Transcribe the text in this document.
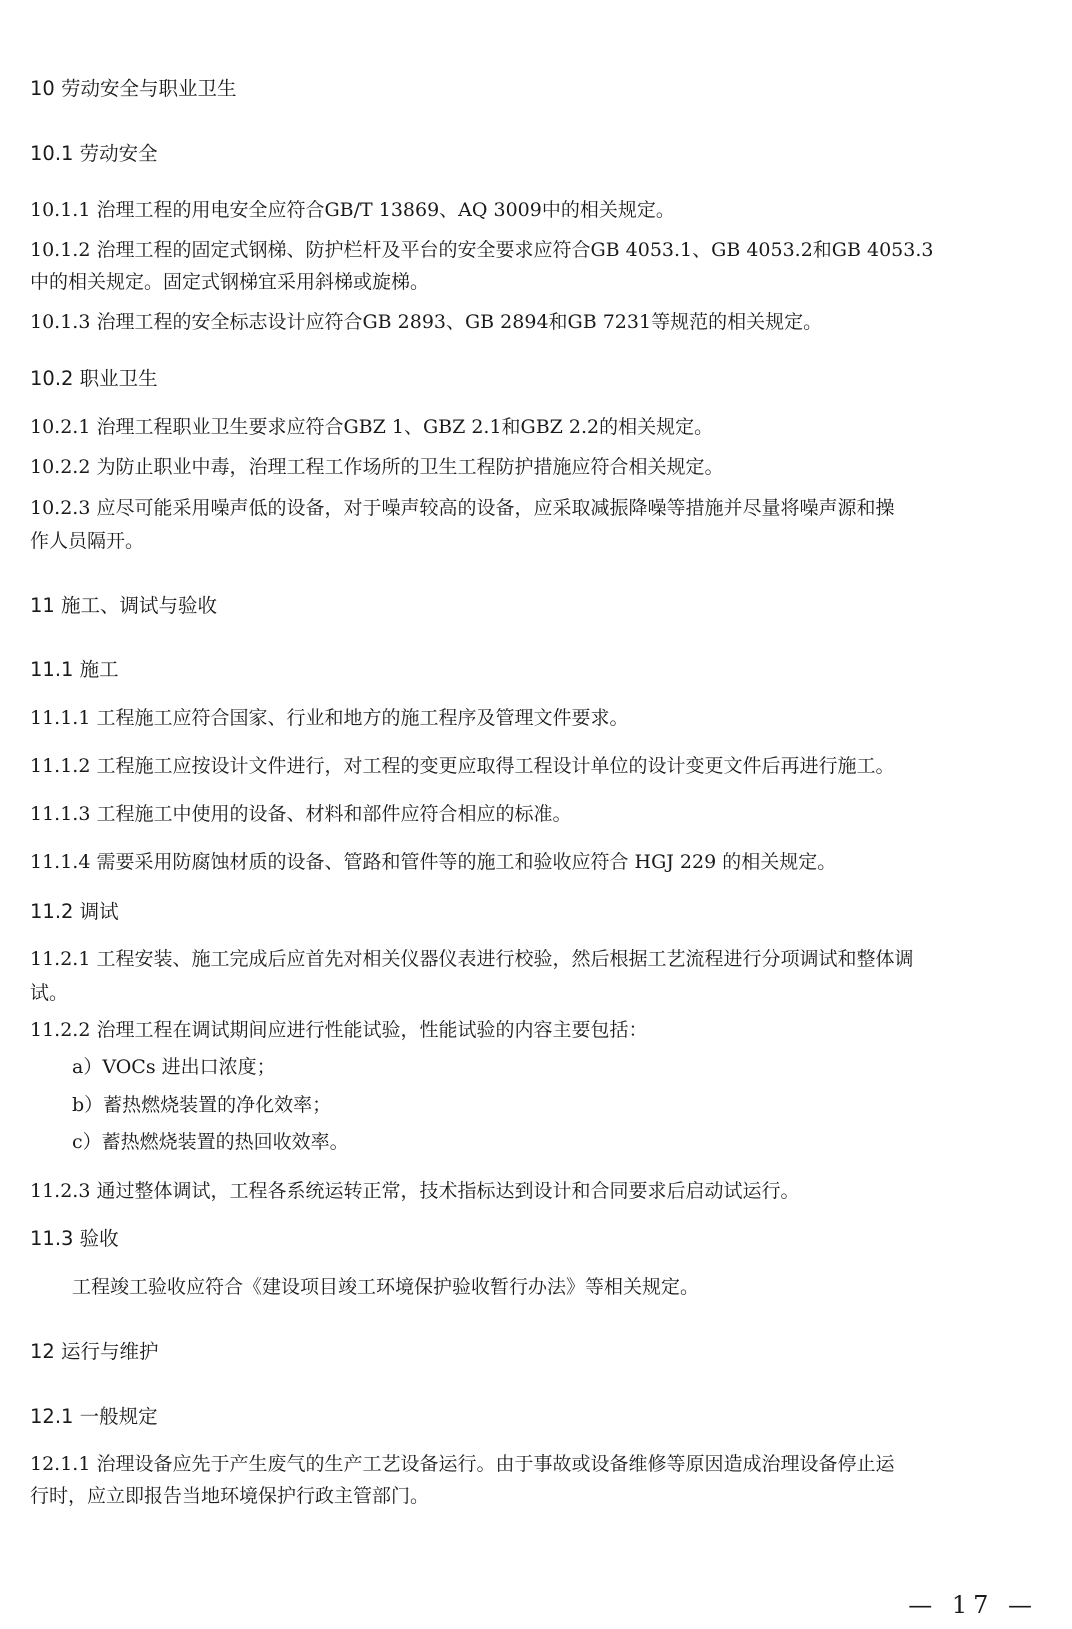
10 劳动安全与职业卫生
10.1 劳动安全
10.1.1 治理工程的用电安全应符合GB/T 13869、AQ 3009中的相关规定。
10.1.2 治理工程的固定式钢梯、防护栏杆及平台的安全要求应符合GB 4053.1、GB 4053.2和GB 4053.3
中的相关规定。固定式钢梯宜采用斜梯或旋梯。
10.1.3 治理工程的安全标志设计应符合GB 2893、GB 2894和GB 7231等规范的相关规定。
10.2 职业卫生
10.2.1 治理工程职业卫生要求应符合GBZ 1、GBZ 2.1和GBZ 2.2的相关规定。
10.2.2 为防止职业中毒，治理工程工作场所的卫生工程防护措施应符合相关规定。
10.2.3 应尽可能采用噪声低的设备，对于噪声较高的设备，应采取减振降噪等措施并尽量将噪声源和操
作人员隔开。
11 施工、调试与验收
11.1 施工
11.1.1 工程施工应符合国家、行业和地方的施工程序及管理文件要求。
11.1.2 工程施工应按设计文件进行，对工程的变更应取得工程设计单位的设计变更文件后再进行施工。
11.1.3 工程施工中使用的设备、材料和部件应符合相应的标准。
11.1.4 需要采用防腐蚀材质的设备、管路和管件等的施工和验收应符合 HGJ 229 的相关规定。
11.2 调试
11.2.1 工程安装、施工完成后应首先对相关仪器仪表进行校验，然后根据工艺流程进行分项调试和整体调
试。
11.2.2 治理工程在调试期间应进行性能试验，性能试验的内容主要包括：
a）VOCs 进出口浓度；
b）蓄热燃烧装置的净化效率；
c）蓄热燃烧装置的热回收效率。
11.2.3 通过整体调试，工程各系统运转正常，技术指标达到设计和合同要求后启动试运行。
11.3 验收
工程竣工验收应符合《建设项目竣工环境保护验收暂行办法》等相关规定。
12 运行与维护
12.1 一般规定
12.1.1 治理设备应先于产生废气的生产工艺设备运行。由于事故或设备维修等原因造成治理设备停止运
行时，应立即报告当地环境保护行政主管部门。
— 17 —
